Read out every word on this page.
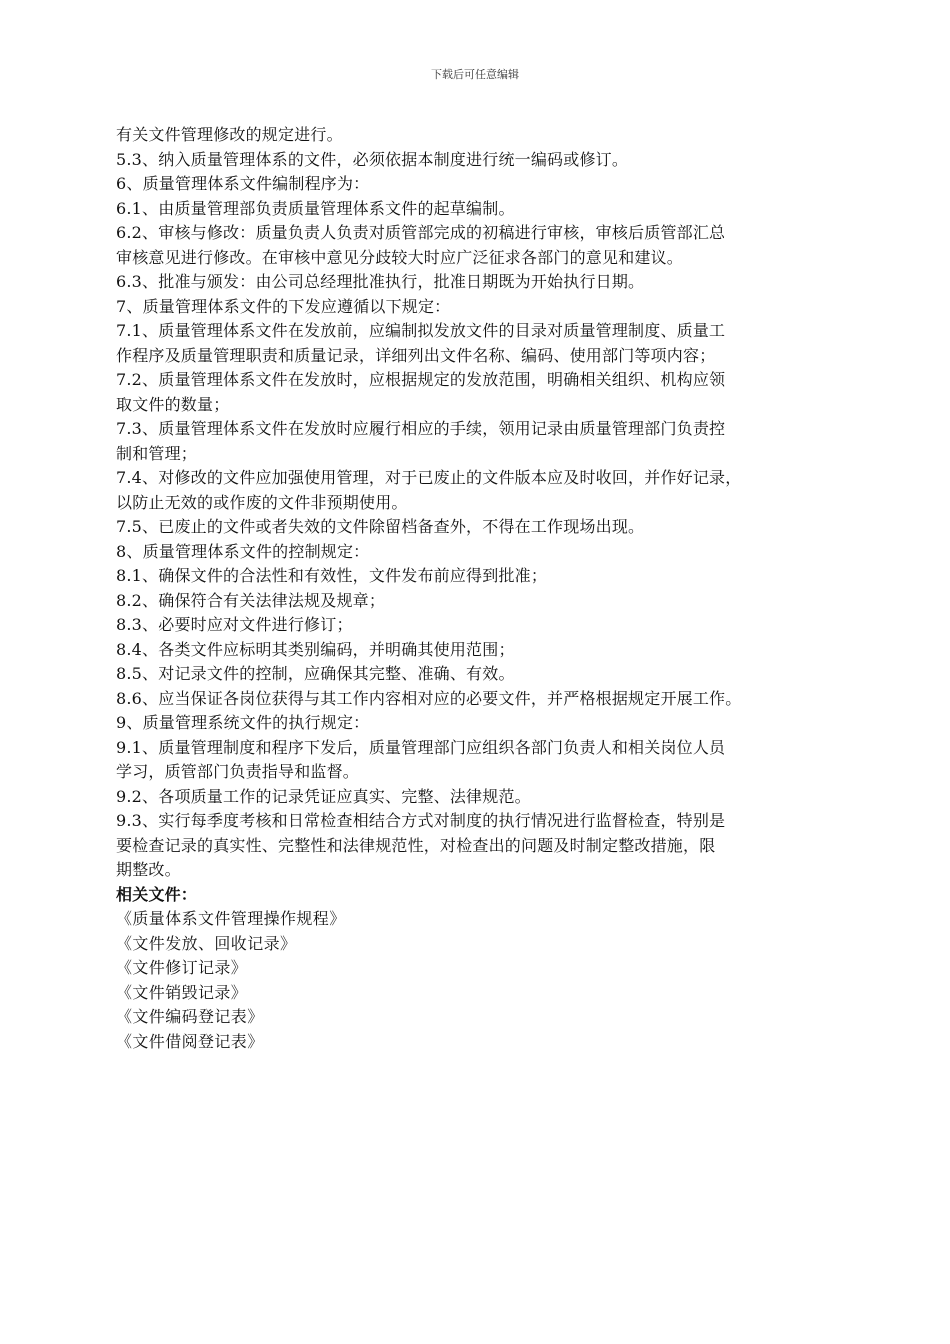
下载后可任意编辑
有关文件管理修改的规定进行。
5.3、纳入质量管理体系的文件，必须依据本制度进行统一编码或修订。
6、质量管理体系文件编制程序为：
6.1、由质量管理部负责质量管理体系文件的起草编制。
6.2、审核与修改：质量负责人负责对质管部完成的初稿进行审核，审核后质管部汇总
审核意见进行修改。在审核中意见分歧较大时应广泛征求各部门的意见和建议。
6.3、批准与颁发：由公司总经理批准执行，批准日期既为开始执行日期。
7、质量管理体系文件的下发应遵循以下规定：
7.1、质量管理体系文件在发放前，应编制拟发放文件的目录对质量管理制度、质量工
作程序及质量管理职责和质量记录，详细列出文件名称、编码、使用部门等项内容；
7.2、质量管理体系文件在发放时，应根据规定的发放范围，明确相关组织、机构应领
取文件的数量；
7.3、质量管理体系文件在发放时应履行相应的手续，领用记录由质量管理部门负责控
制和管理；
7.4、对修改的文件应加强使用管理，对于已废止的文件版本应及时收回，并作好记录，
以防止无效的或作废的文件非预期使用。
7.5、已废止的文件或者失效的文件除留档备查外，不得在工作现场出现。
8、质量管理体系文件的控制规定：
8.1、确保文件的合法性和有效性，文件发布前应得到批准；
8.2、确保符合有关法律法规及规章；
8.3、必要时应对文件进行修订；
8.4、各类文件应标明其类别编码，并明确其使用范围；
8.5、对记录文件的控制，应确保其完整、准确、有效。
8.6、应当保证各岗位获得与其工作内容相对应的必要文件，并严格根据规定开展工作。
9、质量管理系统文件的执行规定：
9.1、质量管理制度和程序下发后，质量管理部门应组织各部门负责人和相关岗位人员
学习，质管部门负责指导和监督。
9.2、各项质量工作的记录凭证应真实、完整、法律规范。
9.3、实行每季度考核和日常检查相结合方式对制度的执行情况进行监督检查，特别是
要检查记录的真实性、完整性和法律规范性，对检查出的问题及时制定整改措施，限
期整改。
相关文件：
《质量体系文件管理操作规程》
《文件发放、回收记录》
《文件修订记录》
《文件销毁记录》
《文件编码登记表》
《文件借阅登记表》
